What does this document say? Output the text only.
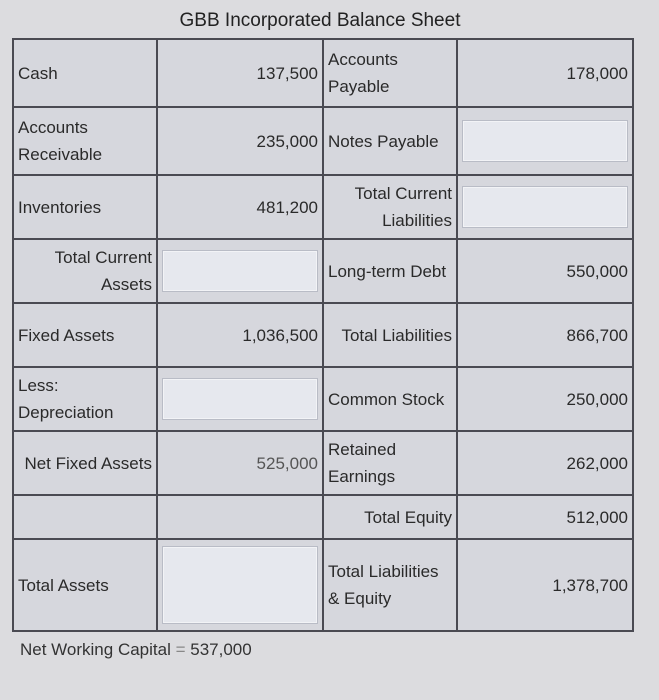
GBB Incorporated Balance Sheet
Cash	137,500	Accounts Payable	178,000
Accounts Receivable	235,000	Notes Payable	

Inventories	481,200	Total Current Liabilities	

Total Current Assets		Long-term Debt	550,000
Fixed Assets	1,036,500	Total Liabilities	866,700
Less: Depreciation		Common Stock	250,000
Net Fixed Assets	525,000	Retained Earnings	262,000
		Total Equity	512,000
Total Assets		Total Liabilities & Equity	1,378,700
Net Working Capital = 537,000
